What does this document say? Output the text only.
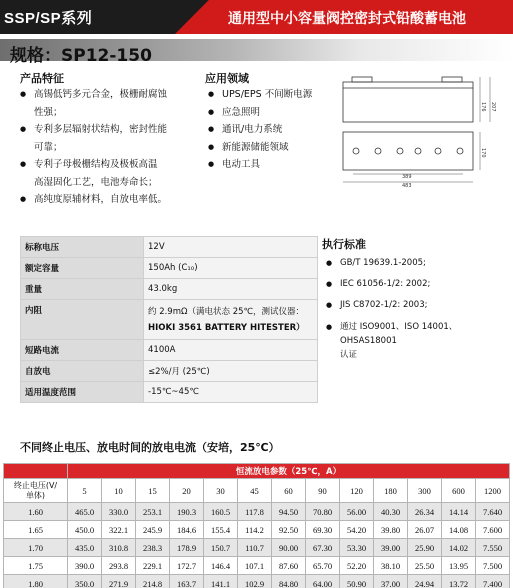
SSP/SP系列	通用型中小容量阀控密封式铅酸蓄电池
规格：SP12-150
产品特征
● 高锡低钙多元合金，极栅耐腐蚀
性强；
● 专利多层辐射状结构，密封性能
可靠；
● 专利子母极栅结构及极板高温
高湿固化工艺，电池寿命长；
● 高纯度原辅材料，自放电率低。
应用领域
● UPS/EPS 不间断电源
● 应急照明
● 通讯/电力系统
● 新能源储能领域
● 电动工具
176 207
170
389
483
标称电压	12V
额定容量	150Ah (C₁₀)
重量	43.0kg
内阻	约 2.9mΩ（满电状态 25℃，测试仪器：
HIOKI 3561 BATTERY HITESTER）

短路电流	4100A
自放电	≤2%/月 (25℃)
适用温度范围	-15℃~45℃
执行标准
● GB/T 19639.1-2005;
● IEC 61056-1/2: 2002;
● JIS C8702-1/2: 2003;
● 通过 ISO9001、ISO 14001、OHSAS18001
认证
不同终止电压、放电时间的放电电流（安培，25℃）
	恒流放电参数（25℃，A）												

终止电压(V/
单体)	5	10	15	20	30	45	60	90	120	180	300	600	1200
1.60	465.0	330.0	253.1	190.3	160.5	117.8	94.50	70.80	56.00	40.30	26.34	14.14	7.640
1.65	450.0	322.1	245.9	184.6	155.4	114.2	92.50	69.30	54.20	39.80	26.07	14.08	7.600
1.70	435.0	310.8	238.3	178.9	150.7	110.7	90.00	67.30	53.30	39.00	25.90	14.02	7.550
1.75	390.0	293.8	229.1	172.7	146.4	107.1	87.60	65.70	52.20	38.10	25.50	13.95	7.500
1.80	350.0	271.9	214.8	163.7	141.1	102.9	84.80	64.00	50.90	37.00	24.94	13.72	7.400
